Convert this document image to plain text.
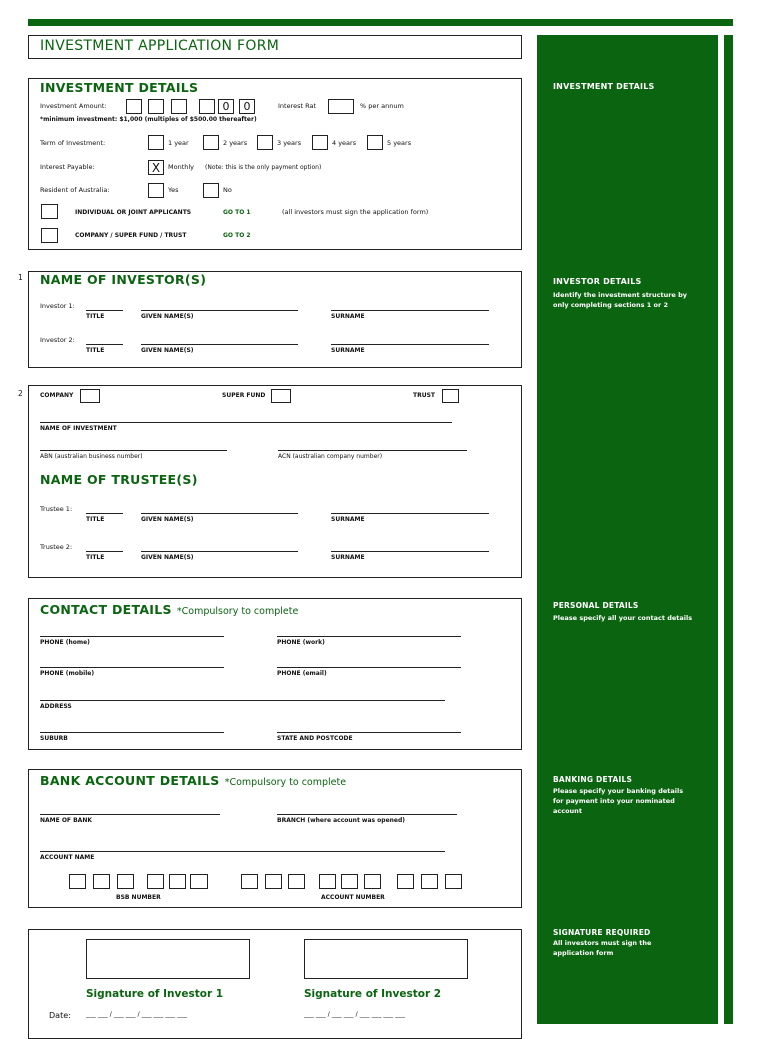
INVESTMENT DETAILS
INVESTOR DETAILS
Identify the investment structure by only completing sections 1 or 2
PERSONAL DETAILS
Please specify all your contact details
BANKING DETAILS
Please specify your banking details for payment into your nominated account
SIGNATURE REQUIRED
All investors must sign the application form
INVESTMENT APPLICATION FORM
INVESTMENT DETAILS
Investment Amount:	0	0	Interest Rat	% per annum
*minimum investment: $1,000 (multiples of $500.00 thereafter)
Term of Investment:	1 year	2 years	3 years	4 years	5 years
Interest Payable:	X	Monthly (Note: this is the only payment option)
Resident of Australia:	Yes	No
INDIVIDUAL OR JOINT APPLICANTS	GO TO 1	(all investors must sign the application form)
COMPANY / SUPER FUND / TRUST	GO TO 2
1 NAME OF INVESTOR(S)
Investor 1:
TITLE	GIVEN NAME(S)	SURNAME
Investor 2:
TITLE	GIVEN NAME(S)	SURNAME
2	COMPANY	SUPER FUND	TRUST
NAME OF INVESTMENT
ABN (australian business number)	ACN (australian company number)
NAME OF TRUSTEE(S)
Trustee 1:
TITLE	GIVEN NAME(S)	SURNAME
Trustee 2:
TITLE	GIVEN NAME(S)	SURNAME
CONTACT DETAILS *Compulsory to complete
PHONE (home)	PHONE (work)
PHONE (mobile)	PHONE (email)
ADDRESS
SUBURB	STATE AND POSTCODE
BANK ACCOUNT DETAILS *Compulsory to complete
NAME OF BANK	BRANCH (where account was opened)
ACCOUNT NAME
BSB NUMBER	ACCOUNT NUMBER
Signature of Investor 1	Signature of Investor 2
Date: ___ ___ / ___ ___ / ___ ___ ___ ___	___ ___ / ___ ___ / ___ ___ ___ ___
